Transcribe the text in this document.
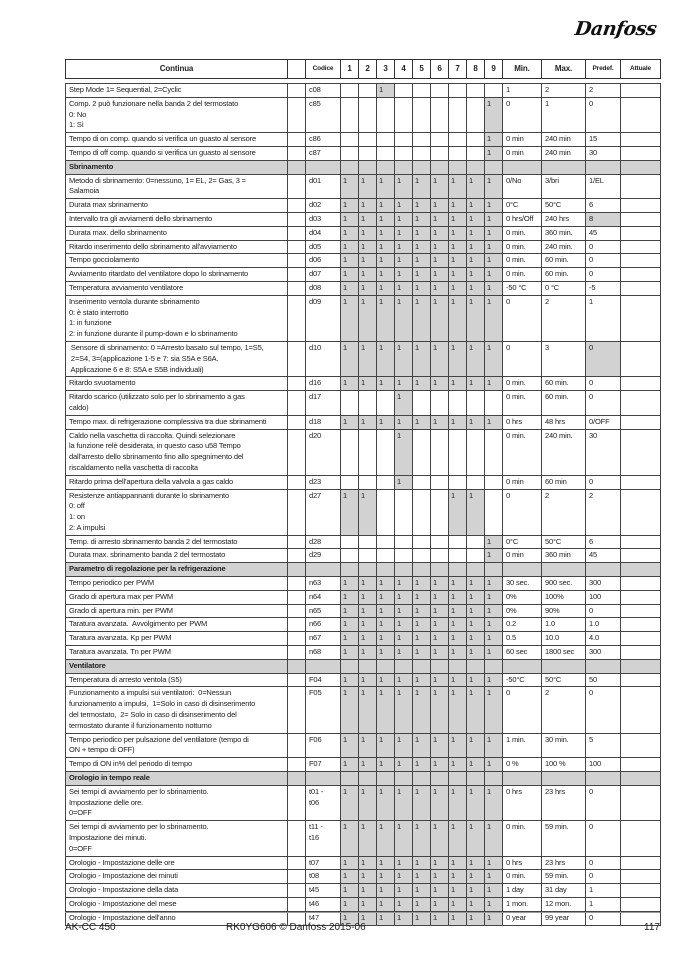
Danfoss
Continua		Codice	1	2	3	4	5	6	7	8	9	Min.	Max.	Predef.	Attuale
Step Mode 1= Sequential, 2=Cyclic		c08			1							1	2	2	
Comp. 2 può funzionare nella banda 2 del termostato
0: No
1: Sì		c85									1	0	1	0	
Tempo di on comp. quando si verifica un guasto al sensore		c86									1	0 min	240 min	15	
Tempo di off comp. quando si verifica un guasto al sensore		c87									1	0 min	240 min	30	
Sbrinamento															
Metodo di sbrinamento: 0=nessuno, 1= EL, 2= Gas, 3 =
Salamoia		d01	1	1	1	1	1	1	1	1	1	0/No	3/bri	1/EL	
Durata max sbrinamento		d02	1	1	1	1	1	1	1	1	1	0°C	50°C	6	
Intervallo tra gli avviamenti dello sbrinamento		d03	1	1	1	1	1	1	1	1	1	0 hrs/Off	240 hrs	8	
Durata max. dello sbrinamento		d04	1	1	1	1	1	1	1	1	1	0 min.	360 min.	45	
Ritardo inserimento dello sbrinamento all'avviamento		d05	1	1	1	1	1	1	1	1	1	0 min.	240 min.	0	
Tempo gocciolamento		d06	1	1	1	1	1	1	1	1	1	0 min.	60 min.	0	
Avviamento ritardato del ventilatore dopo lo sbrinamento		d07	1	1	1	1	1	1	1	1	1	0 min.	60 min.	0	
Temperatura avviamento ventilatore		d08	1	1	1	1	1	1	1	1	1	-50 °C	0 °C	-5	
Inserimento ventola durante sbrinamento
0: è stato interrotto
1: in funzione
2: in funzione durante il pump-down e lo sbrinamento		d09	1	1	1	1	1	1	1	1	1	0	2	1	
Sensore di sbrinamento: 0 =Arresto basato sul tempo, 1=S5,
2=S4, 3=(applicazione 1-5 e 7: sia S5A e S6A.
Applicazione 6 e 8: S5A e S5B individuali)		d10	1	1	1	1	1	1	1	1	1	0	3	0	
Ritardo svuotamento		d16	1	1	1	1	1	1	1	1	1	0 min.	60 min.	0	
Ritardo scarico (utilizzato solo per lo sbrinamento a gas
caldo)		d17				1						0 min.	60 min.	0	
Tempo max. di refrigerazione complessiva tra due sbrinamenti		d18	1	1	1	1	1	1	1	1	1	0 hrs	48 hrs	0/OFF	
Caldo nella vaschetta di raccolta. Quindi selezionare
la funzione relè desiderata, in questo caso u58 Tempo
dall'arresto dello sbrinamento fino allo spegnimento del
riscaldamento nella vaschetta di raccolta		d20				1						0 min.	240 min.	30	
Ritardo prima dell'apertura della valvola a gas caldo		d23				1						0 min	60 min	0	
Resistenze antiappannanti durante lo sbrinamento
0: off
1: on
2: A impulsi		d27	1	1					1	1		0	2	2	
Temp. di arresto sbrinamento banda 2 del termostato		d28									1	0°C	50°C	6	
Durata max. sbrinamento banda 2 del termostato		d29									1	0 min	360 min	45	
Parametro di regolazione per la refrigerazione															
Tempo periodico per PWM		n63	1	1	1	1	1	1	1	1	1	30 sec.	900 sec.	300	
Grado di apertura max per PWM		n64	1	1	1	1	1	1	1	1	1	0%	100%	100	
Grado di apertura min. per PWM		n65	1	1	1	1	1	1	1	1	1	0%	90%	0	
Taratura avanzata.  Avvolgimento per PWM		n66	1	1	1	1	1	1	1	1	1	0.2	1.0	1.0	
Taratura avanzata. Kp per PWM		n67	1	1	1	1	1	1	1	1	1	0.5	10.0	4.0	
Taratura avanzata. Tn per PWM		n68	1	1	1	1	1	1	1	1	1	60 sec	1800 sec	300	
Ventilatore															
Temperatura di arresto ventola (S5)		F04	1	1	1	1	1	1	1	1	1	-50°C	50°C	50	
Funzionamento a impulsi sui ventilatori:  0=Nessun
funzionamento a impulsi,  1=Solo in caso di disinserimento
del termostato,  2= Solo in caso di disinserimento del
termostato durante il funzionamento notturno		F05	1	1	1	1	1	1	1	1	1	0	2	0	
Tempo periodico per pulsazione del ventilatore (tempo di
ON + tempo di OFF)		F06	1	1	1	1	1	1	1	1	1	1 min.	30 min.	5	
Tempo di ON in% del periodo di tempo		F07	1	1	1	1	1	1	1	1	1	0 %	100 %	100	
Orologio in tempo reale															
Sei tempi di avviamento per lo sbrinamento.
Impostazione delle ore.
0=OFF		t01 -
t06	1	1	1	1	1	1	1	1	1	0 hrs	23 hrs	0	
Sei tempi di avviamento per lo sbrinamento.
Impostazione dei minuti.
0=OFF		t11 -
t16	1	1	1	1	1	1	1	1	1	0 min.	59 min.	0	
Orologio - Impostazione delle ore		t07	1	1	1	1	1	1	1	1	1	0 hrs	23 hrs	0	
Orologio - Impostazione dei minuti		t08	1	1	1	1	1	1	1	1	1	0 min.	59 min.	0	
Orologio - Impostazione della data		t45	1	1	1	1	1	1	1	1	1	1 day	31 day	1	
Orologio - Impostazione del mese		t46	1	1	1	1	1	1	1	1	1	1 mon.	12 mon.	1	
Orologio - Impostazione dell'anno		t47	1	1	1	1	1	1	1	1	1	0 year	99 year	0	
AK-CC 450	RK0YG606 © Danfoss 2015-06	117
